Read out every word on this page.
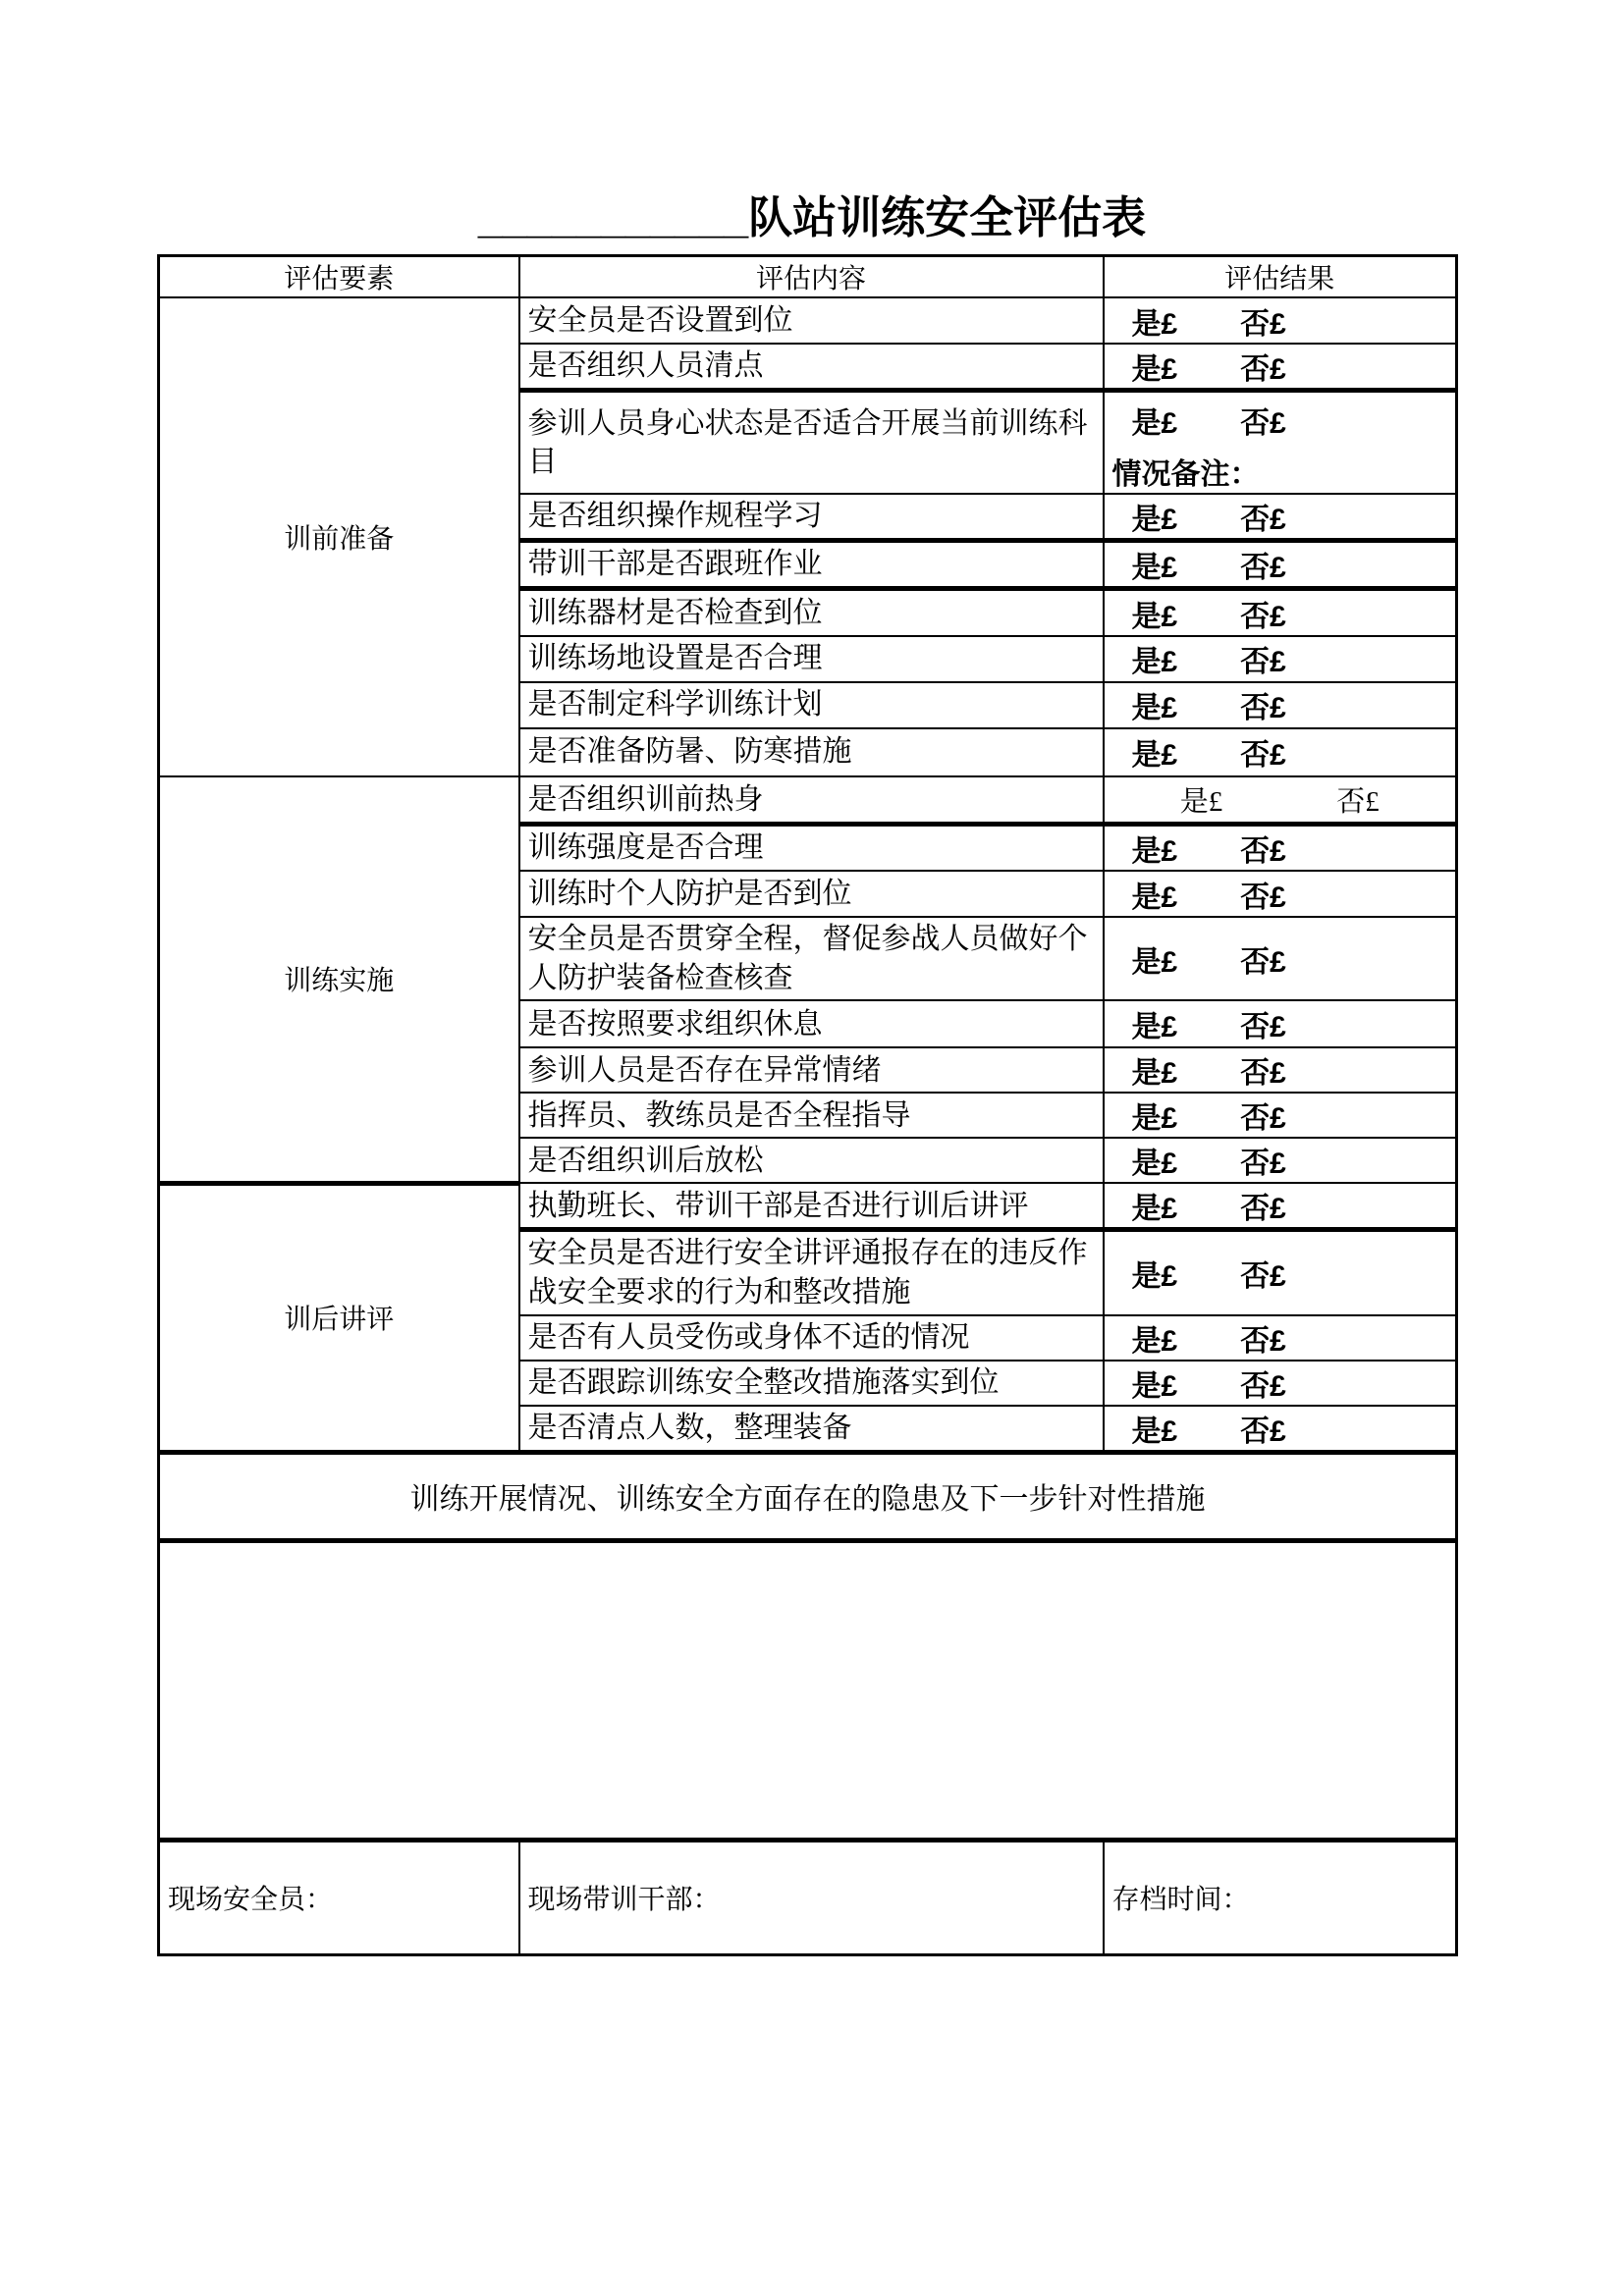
___________队站训练安全评估表
评估要素	评估内容	评估结果
训前准备	安全员是否设置到位	是£ 否£

	是否组织人员清点	是£ 否£

	参训人员身心状态是否适合开展当前训练科目	是£ 否£
情况备注：

	是否组织操作规程学习	是£ 否£

	带训干部是否跟班作业	是£ 否£

	训练器材是否检查到位	是£ 否£

	训练场地设置是否合理	是£ 否£

	是否制定科学训练计划	是£ 否£

	是否准备防暑、防寒措施	是£ 否£

训练实施	是否组织训前热身	是£ 否£

	训练强度是否合理	是£ 否£

	训练时个人防护是否到位	是£ 否£

	安全员是否贯穿全程，督促参战人员做好个人防护装备检查核查	是£ 否£

	是否按照要求组织休息	是£ 否£

	参训人员是否存在异常情绪	是£ 否£

	指挥员、教练员是否全程指导	是£ 否£

	是否组织训后放松	是£ 否£

训后讲评	执勤班长、带训干部是否进行训后讲评	是£ 否£

	安全员是否进行安全讲评通报存在的违反作战安全要求的行为和整改措施	是£ 否£

	是否有人员受伤或身体不适的情况	是£ 否£

	是否跟踪训练安全整改措施落实到位	是£ 否£

	是否清点人数，整理装备	是£ 否£

训练开展情况、训练安全方面存在的隐患及下一步针对性措施		

现场安全员：	现场带训干部：	存档时间：
